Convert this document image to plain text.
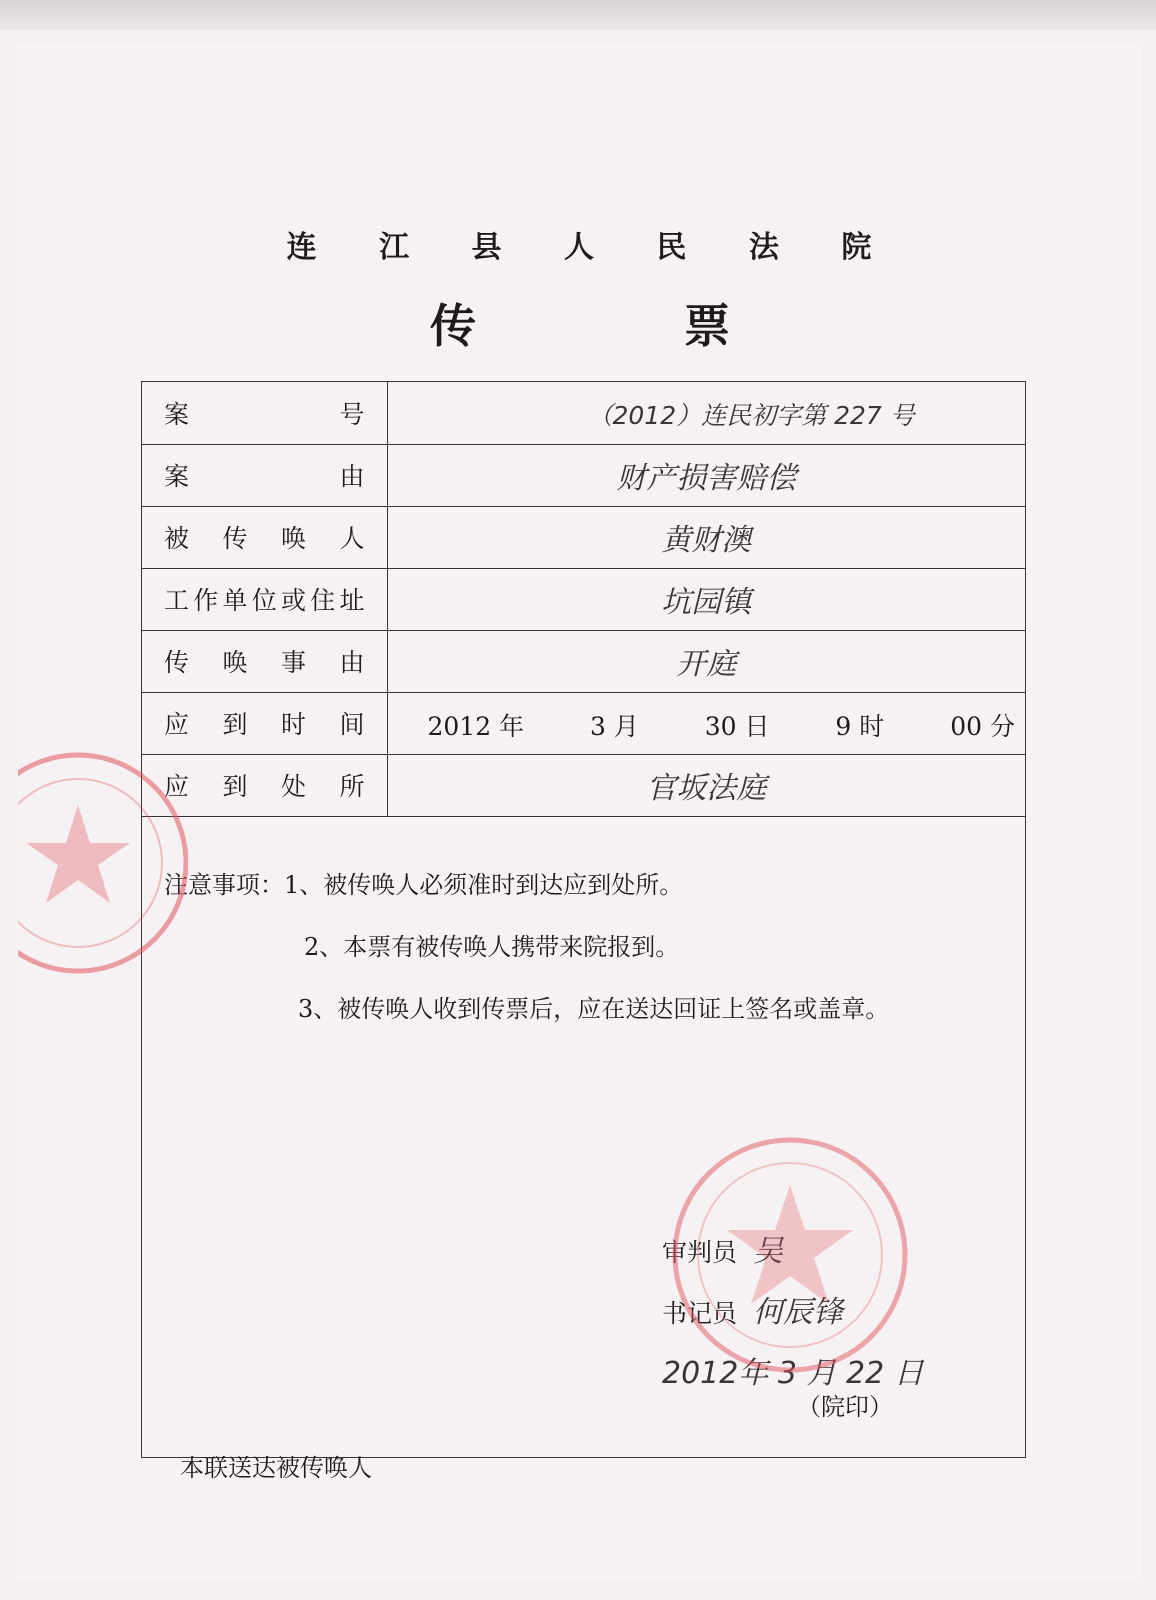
连 江 县 人 民 法 院
传 票
案 号	（2012）连民初字第 227 号

案 由	财产损害赔偿

被 传 唤 人	黄财澳

工作单位或住址	坑园镇

传 唤 事 由	开庭

应 到 时 间	2012 年 3 月 30 日 9 时 00 分

应 到 处 所	官坂法庭
注意事项：1、被传唤人必须准时到达应到处所。
2、本票有被传唤人携带来院报到。
3、被传唤人收到传票后，应在送达回证上签名或盖章。
审判员 吴
书记员 何辰锋
2012年 3 月 22 日
（院印）
本联送达被传唤人
